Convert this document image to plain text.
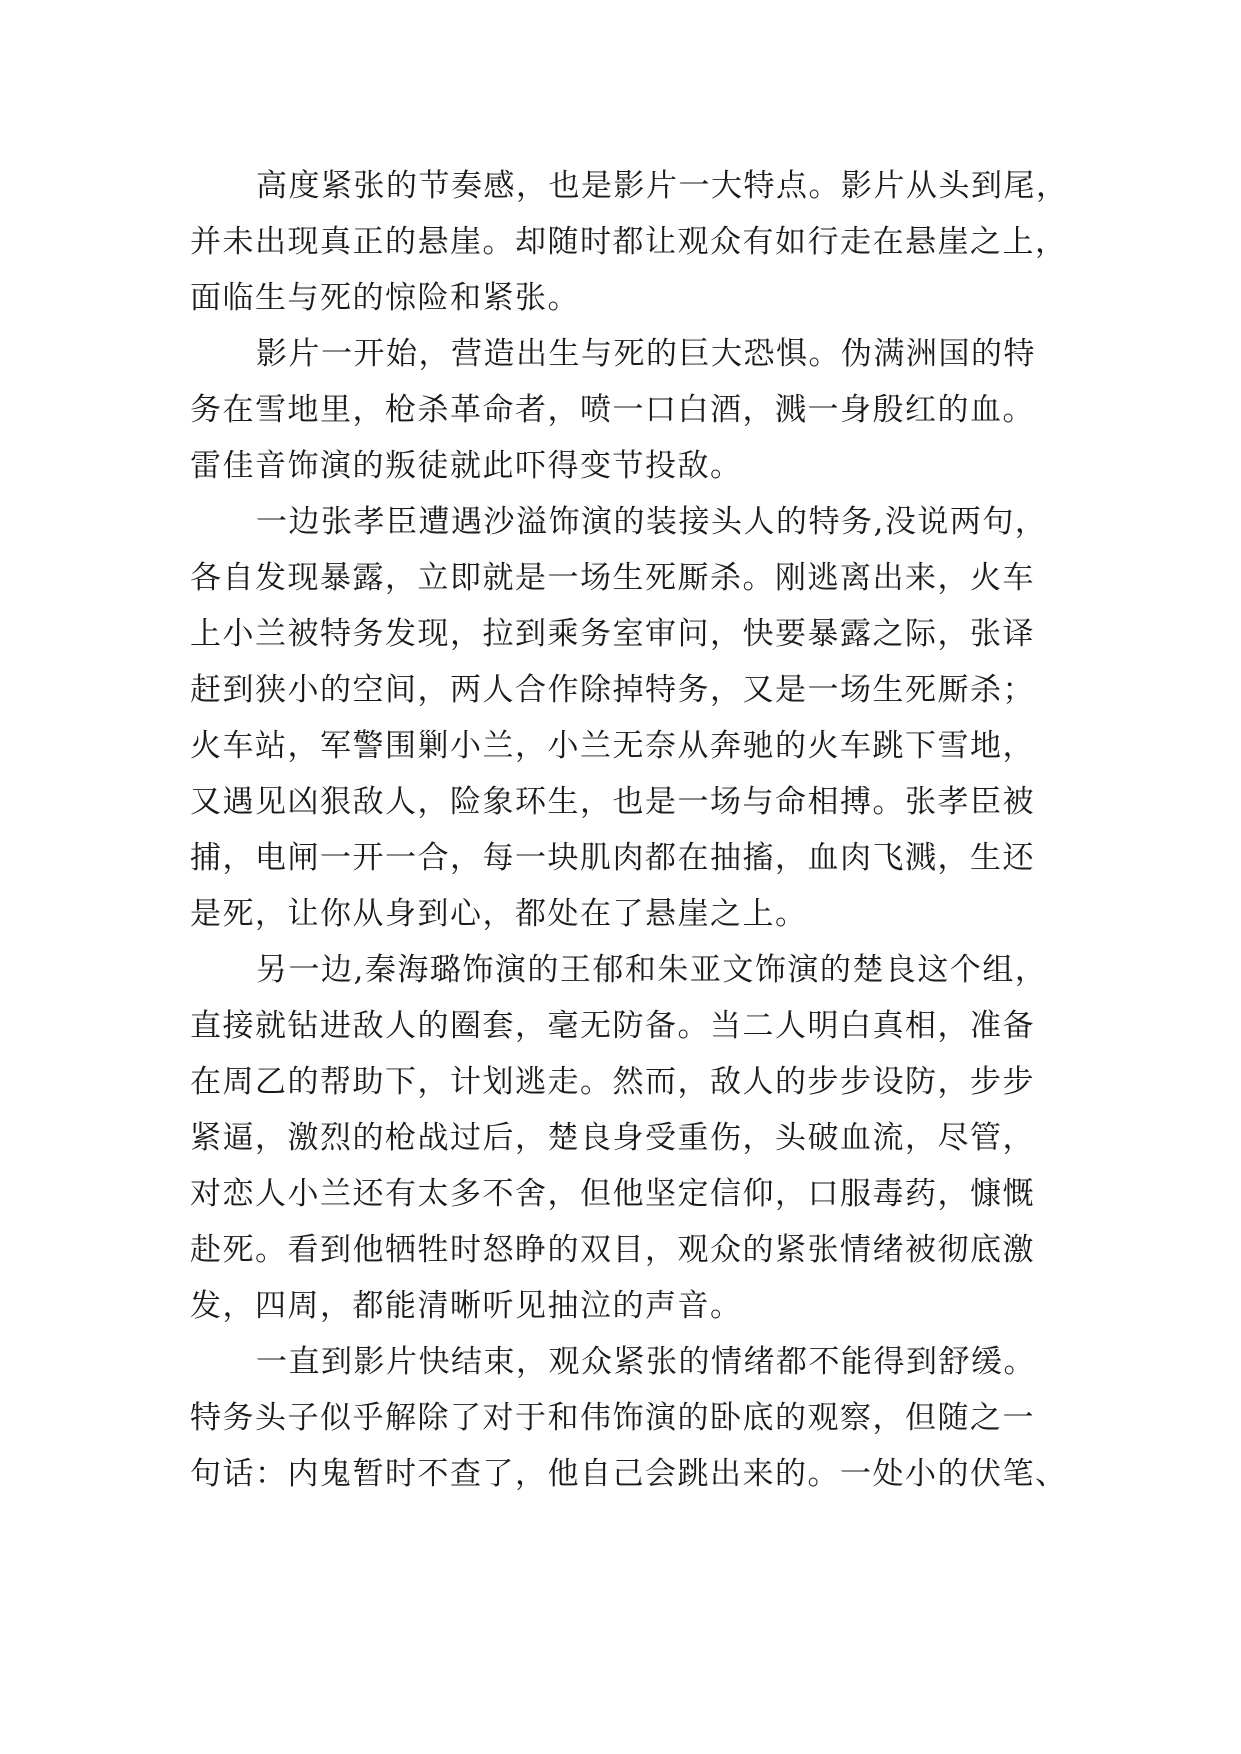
高度紧张的节奏感，也是影片一大特点。影片从头到尾，
并未出现真正的悬崖。却随时都让观众有如行走在悬崖之上，
面临生与死的惊险和紧张。
影片一开始，营造出生与死的巨大恐惧。伪满洲国的特
务在雪地里，枪杀革命者，喷一口白酒，溅一身殷红的血。
雷佳音饰演的叛徒就此吓得变节投敌。
一边张孝臣遭遇沙溢饰演的装接头人的特务,没说两句，
各自发现暴露，立即就是一场生死厮杀。刚逃离出来，火车
上小兰被特务发现，拉到乘务室审问，快要暴露之际，张译
赶到狭小的空间，两人合作除掉特务，又是一场生死厮杀；
火车站，军警围剿小兰，小兰无奈从奔驰的火车跳下雪地，
又遇见凶狠敌人，险象环生，也是一场与命相搏。张孝臣被
捕，电闸一开一合，每一块肌肉都在抽搐，血肉飞溅，生还
是死，让你从身到心，都处在了悬崖之上。
另一边,秦海璐饰演的王郁和朱亚文饰演的楚良这个组，
直接就钻进敌人的圈套，毫无防备。当二人明白真相，准备
在周乙的帮助下，计划逃走。然而，敌人的步步设防，步步
紧逼，激烈的枪战过后，楚良身受重伤，头破血流，尽管，
对恋人小兰还有太多不舍，但他坚定信仰，口服毒药，慷慨
赴死。看到他牺牲时怒睁的双目，观众的紧张情绪被彻底激
发，四周，都能清晰听见抽泣的声音。
一直到影片快结束，观众紧张的情绪都不能得到舒缓。
特务头子似乎解除了对于和伟饰演的卧底的观察，但随之一
句话：内鬼暂时不查了，他自己会跳出来的。一处小的伏笔、
